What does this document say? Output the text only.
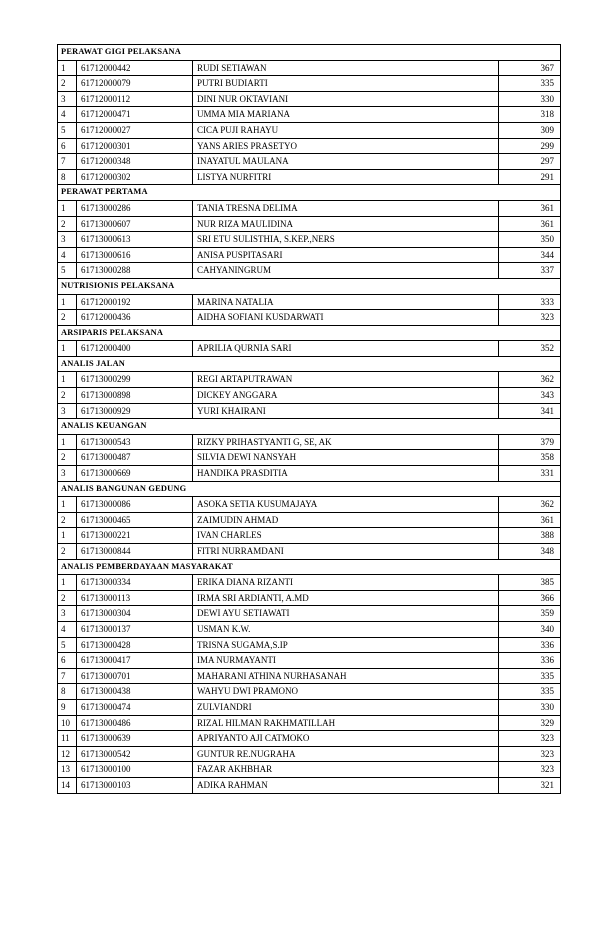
PERAWAT GIGI PELAKSANA			
1	61712000442	RUDI SETIAWAN	367
2	61712000079	PUTRI BUDIARTI	335
3	61712000112	DINI NUR OKTAVIANI	330
4	61712000471	UMMA MIA MARIANA	318
5	61712000027	CICA PUJI RAHAYU	309
6	61712000301	YANS ARIES PRASETYO	299
7	61712000348	INAYATUL MAULANA	297
8	61712000302	LISTYA NURFITRI	291
PERAWAT PERTAMA			
1	61713000286	TANIA TRESNA DELIMA	361
2	61713000607	NUR RIZA MAULIDINA	361
3	61713000613	SRI ETU SULISTHIA, S.KEP.,NERS	350
4	61713000616	ANISA PUSPITASARI	344
5	61713000288	CAHYANINGRUM	337
NUTRISIONIS PELAKSANA			
1	61712000192	MARINA NATALIA	333
2	61712000436	AIDHA SOFIANI KUSDARWATI	323
ARSIPARIS PELAKSANA			
1	61712000400	APRILIA QURNIA SARI	352
ANALIS JALAN			
1	61713000299	REGI ARTAPUTRAWAN	362
2	61713000898	DICKEY ANGGARA	343
3	61713000929	YURI KHAIRANI	341
ANALIS KEUANGAN			
1	61713000543	RIZKY PRIHASTYANTI G, SE, AK	379
2	61713000487	SILVIA DEWI NANSYAH	358
3	61713000669	HANDIKA PRASDITIA	331
ANALIS BANGUNAN GEDUNG			
1	61713000086	ASOKA SETIA KUSUMAJAYA	362
2	61713000465	ZAIMUDIN AHMAD	361
1	61713000221	IVAN CHARLES	388
2	61713000844	FITRI NURRAMDANI	348
ANALIS PEMBERDAYAAN MASYARAKAT			
1	61713000334	ERIKA DIANA RIZANTI	385
2	61713000113	IRMA SRI ARDIANTI, A.MD	366
3	61713000304	DEWI AYU SETIAWATI	359
4	61713000137	USMAN K.W.	340
5	61713000428	TRISNA SUGAMA,S.IP	336
6	61713000417	IMA NURMAYANTI	336
7	61713000701	MAHARANI ATHINA NURHASANAH	335
8	61713000438	WAHYU DWI PRAMONO	335
9	61713000474	ZULVIANDRI	330
10	61713000486	RIZAL HILMAN RAKHMATILLAH	329
11	61713000639	APRIYANTO AJI CATMOKO	323
12	61713000542	GUNTUR RE.NUGRAHA	323
13	61713000100	FAZAR AKHBHAR	323
14	61713000103	ADIKA RAHMAN	321
